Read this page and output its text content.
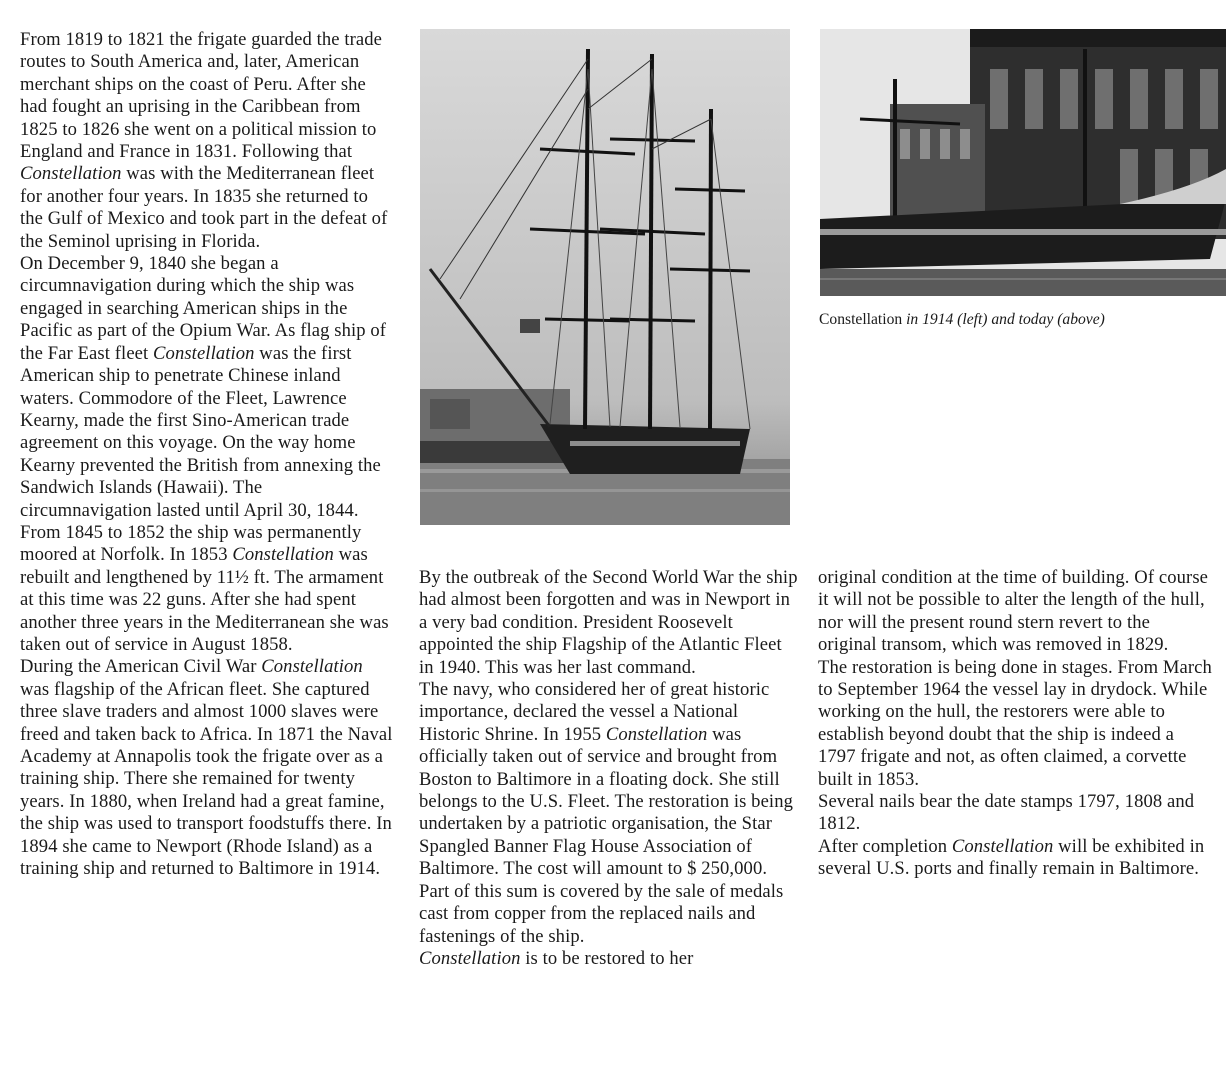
From 1819 to 1821 the frigate guarded the trade routes to South America and, later, American merchant ships on the coast of Peru. After she had fought an uprising in the Caribbean from 1825 to 1826 she went on a political mission to England and France in 1831. Following that Constellation was with the Mediterranean fleet for another four years. In 1835 she returned to the Gulf of Mexico and took part in the defeat of the Seminol uprising in Florida.

On December 9, 1840 she began a circumnavigation during which the ship was engaged in searching American ships in the Pacific as part of the Opium War. As flag ship of the Far East fleet Constellation was the first American ship to penetrate Chinese inland waters. Commodore of the Fleet, Lawrence Kearny, made the first Sino-American trade agreement on this voyage. On the way home Kearny prevented the British from annexing the Sandwich Islands (Hawaii). The circumnavigation lasted until April 30, 1844. From 1845 to 1852 the ship was permanently moored at Norfolk. In 1853 Constellation was rebuilt and lengthened by 11½ ft. The armament at this time was 22 guns. After she had spent another three years in the Mediterranean she was taken out of service in August 1858.

During the American Civil War Constellation was flagship of the African fleet. She captured three slave traders and almost 1000 slaves were freed and taken back to Africa. In 1871 the Naval Academy at Annapolis took the frigate over as a training ship. There she remained for twenty years. In 1880, when Ireland had a great famine, the ship was used to transport foodstuffs there. In 1894 she came to Newport (Rhode Island) as a training ship and returned to Baltimore in 1914.

Constellation in 1914 (left) and today (above)

By the outbreak of the Second World War the ship had almost been forgotten and was in Newport in a very bad condition. President Roosevelt appointed the ship Flagship of the Atlantic Fleet in 1940. This was her last command.

The navy, who considered her of great historic importance, declared the vessel a National Historic Shrine. In 1955 Constellation was officially taken out of service and brought from Boston to Baltimore in a floating dock. She still belongs to the U.S. Fleet. The restoration is being undertaken by a patriotic organisation, the Star Spangled Banner Flag House Association of Baltimore. The cost will amount to $ 250,000. Part of this sum is covered by the sale of medals cast from copper from the replaced nails and fastenings of the ship.

Constellation is to be restored to her

original condition at the time of building. Of course it will not be possible to alter the length of the hull, nor will the present round stern revert to the original transom, which was removed in 1829.

The restoration is being done in stages. From March to September 1964 the vessel lay in drydock. While working on the hull, the restorers were able to establish beyond doubt that the ship is indeed a 1797 frigate and not, as often claimed, a corvette built in 1853.

Several nails bear the date stamps 1797, 1808 and 1812.

After completion Constellation will be exhibited in several U.S. ports and finally remain in Baltimore.
